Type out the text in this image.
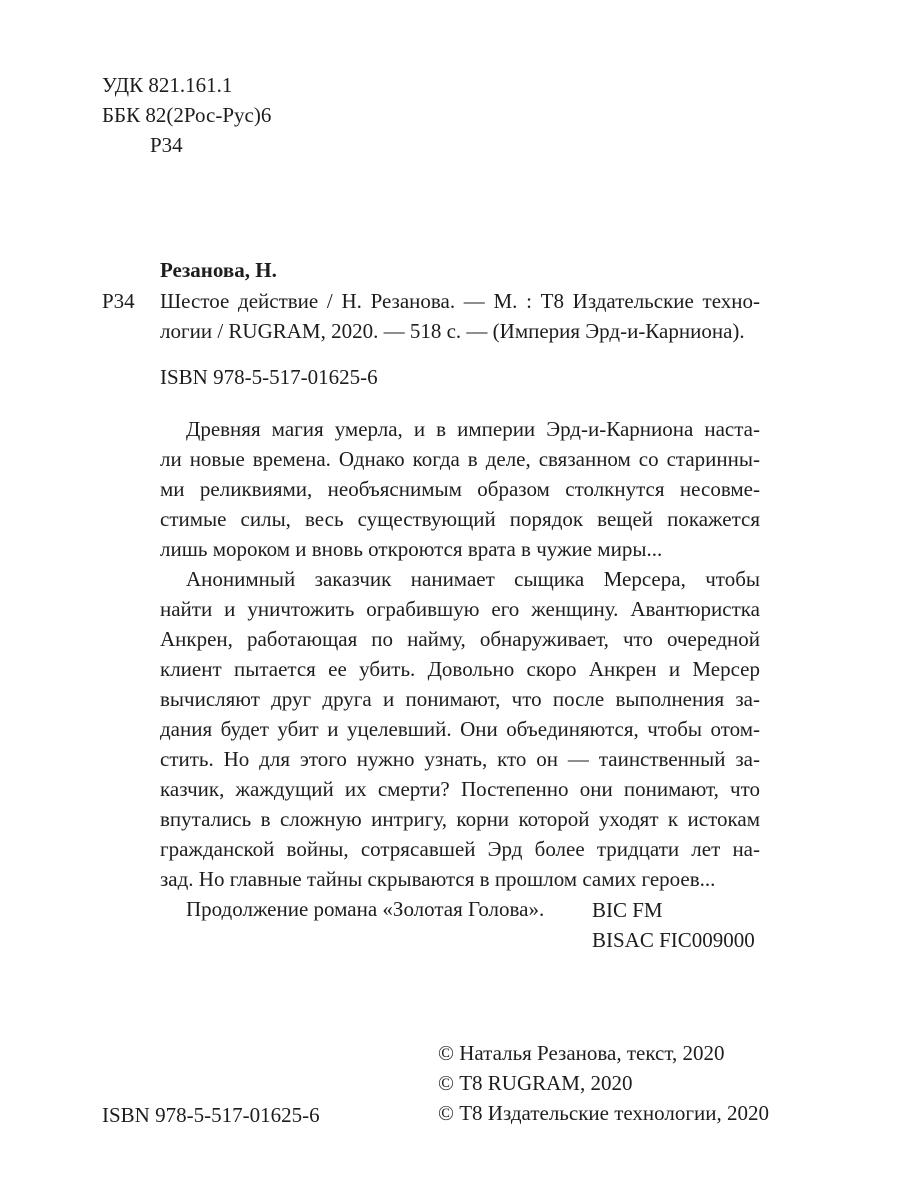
УДК 821.161.1
ББК 82(2Рос-Рус)6
Р34
Резанова, Н.
Р34 Шестое действие / Н. Резанова. — М. : Т8 Издательские техно-
логии / RUGRAM, 2020. — 518 с. — (Империя Эрд-и-Карниона).
ISBN 978-5-517-01625-6
Древняя магия умерла, и в империи Эрд-и-Карниона наста-
ли новые времена. Однако когда в деле, связанном со старинны-
ми реликвиями, необъяснимым образом столкнутся несовме-
стимые силы, весь существующий порядок вещей покажется
лишь мороком и вновь откроются врата в чужие миры...
Анонимный заказчик нанимает сыщика Мерсера, чтобы
найти и уничтожить ограбившую его женщину. Авантюристка
Анкрен, работающая по найму, обнаруживает, что очередной
клиент пытается ее убить. Довольно скоро Анкрен и Мерсер
вычисляют друг друга и понимают, что после выполнения за-
дания будет убит и уцелевший. Они объединяются, чтобы отом-
стить. Но для этого нужно узнать, кто он — таинственный за-
казчик, жаждущий их смерти? Постепенно они понимают, что
впутались в сложную интригу, корни которой уходят к истокам
гражданской войны, сотрясавшей Эрд более тридцати лет на-
зад. Но главные тайны скрываются в прошлом самих героев...
Продолжение романа «Золотая Голова».	BIC FM
BISAC FIC009000
ISBN 978-5-517-01625-6
© Наталья Резанова, текст, 2020
© Т8 RUGRAM, 2020
© Т8 Издательские технологии, 2020
